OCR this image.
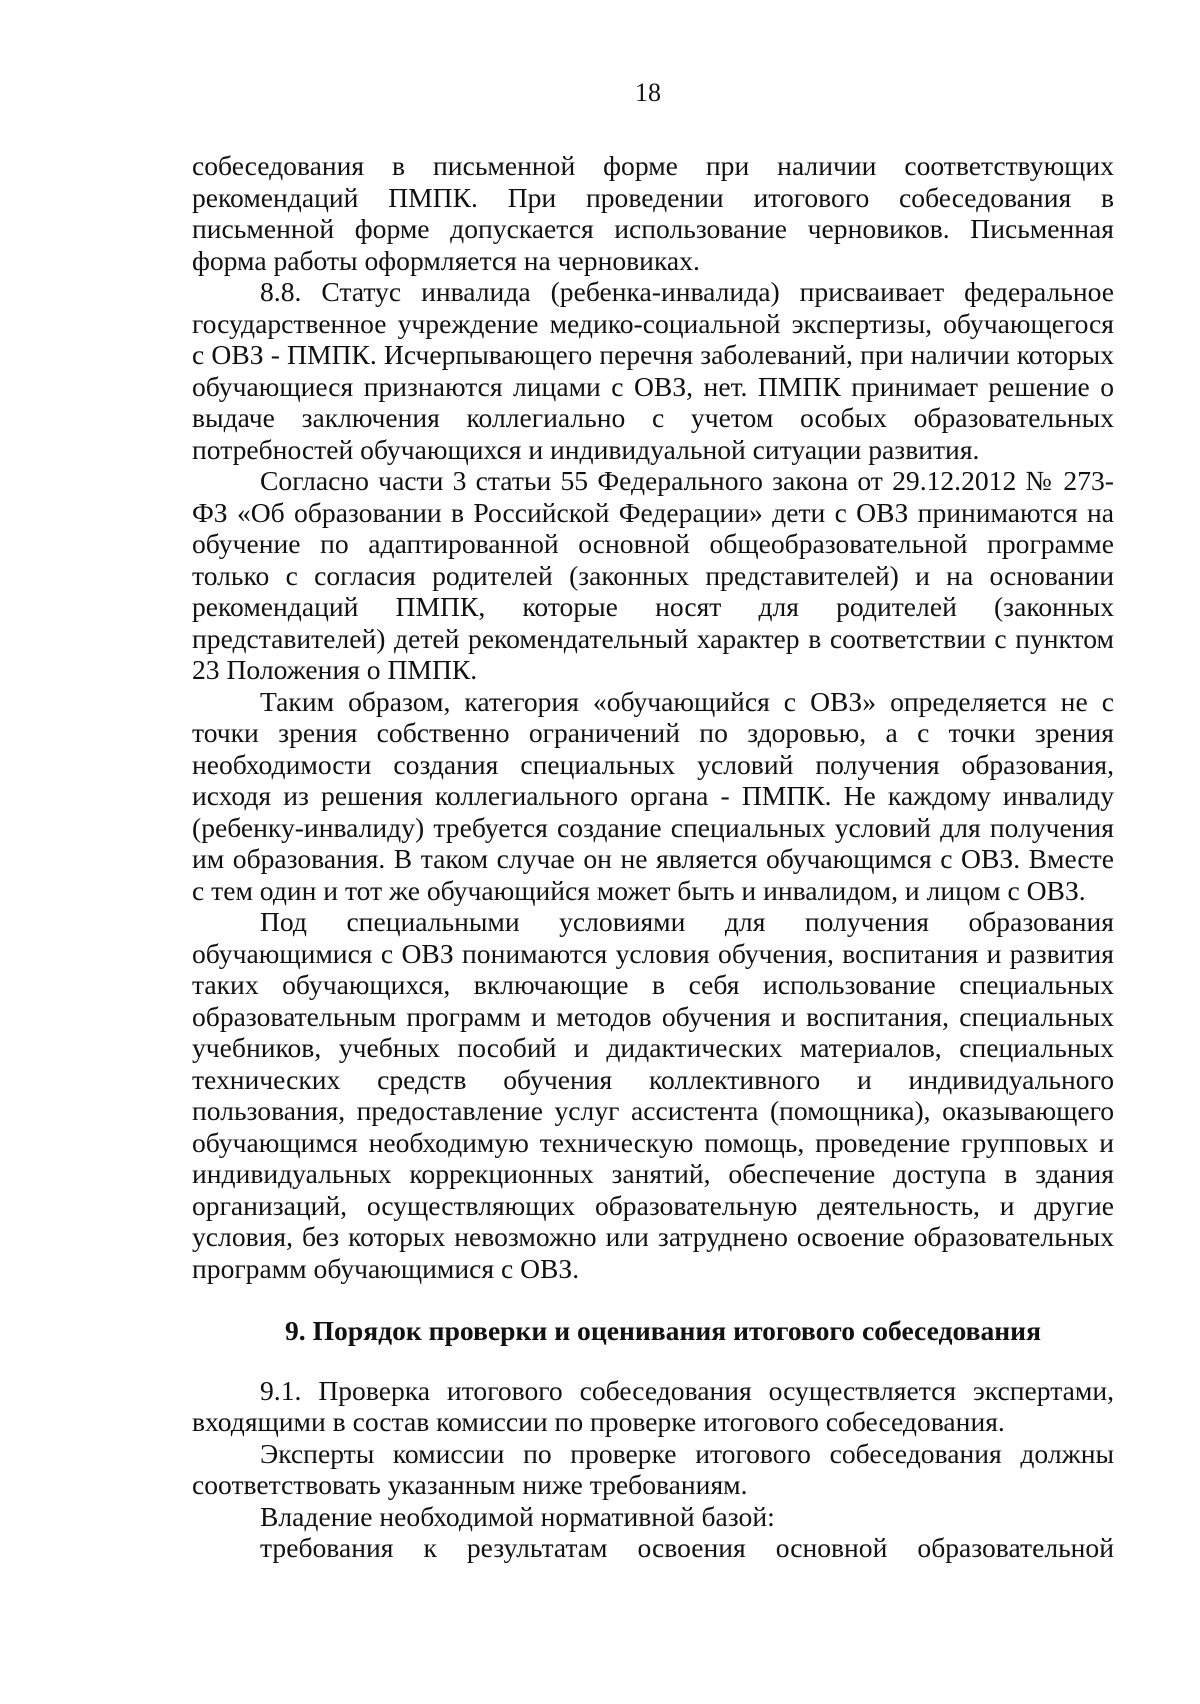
18

собеседования в письменной форме при наличии соответствующих рекомендаций ПМПК. При проведении итогового собеседования в письменной форме допускается использование черновиков. Письменная форма работы оформляется на черновиках.

8.8. Статус инвалида (ребенка-инвалида) присваивает федеральное государственное учреждение медико-социальной экспертизы, обучающегося с ОВЗ - ПМПК. Исчерпывающего перечня заболеваний, при наличии которых обучающиеся признаются лицами с ОВЗ, нет. ПМПК принимает решение о выдаче заключения коллегиально с учетом особых образовательных потребностей обучающихся и индивидуальной ситуации развития.

Согласно части 3 статьи 55 Федерального закона от 29.12.2012 № 273-ФЗ «Об образовании в Российской Федерации» дети с ОВЗ принимаются на обучение по адаптированной основной общеобразовательной программе только с согласия родителей (законных представителей) и на основании рекомендаций ПМПК, которые носят для родителей (законных представителей) детей рекомендательный характер в соответствии с пунктом 23 Положения о ПМПК.

Таким образом, категория «обучающийся с ОВЗ» определяется не с точки зрения собственно ограничений по здоровью, а с точки зрения необходимости создания специальных условий получения образования, исходя из решения коллегиального органа - ПМПК. Не каждому инвалиду (ребенку-инвалиду) требуется создание специальных условий для получения им образования. В таком случае он не является обучающимся с ОВЗ. Вместе с тем один и тот же обучающийся может быть и инвалидом, и лицом с ОВЗ.

Под специальными условиями для получения образования обучающимися с ОВЗ понимаются условия обучения, воспитания и развития таких обучающихся, включающие в себя использование специальных образовательным программ и методов обучения и воспитания, специальных учебников, учебных пособий и дидактических материалов, специальных технических средств обучения коллективного и индивидуального пользования, предоставление услуг ассистента (помощника), оказывающего обучающимся необходимую техническую помощь, проведение групповых и индивидуальных коррекционных занятий, обеспечение доступа в здания организаций, осуществляющих образовательную деятельность, и другие условия, без которых невозможно или затруднено освоение образовательных программ обучающимися с ОВЗ.

9. Порядок проверки и оценивания итогового собеседования

9.1. Проверка итогового собеседования осуществляется экспертами, входящими в состав комиссии по проверке итогового собеседования.

Эксперты комиссии по проверке итогового собеседования должны соответствовать указанным ниже требованиям.

Владение необходимой нормативной базой:

требования к результатам освоения основной образовательной
